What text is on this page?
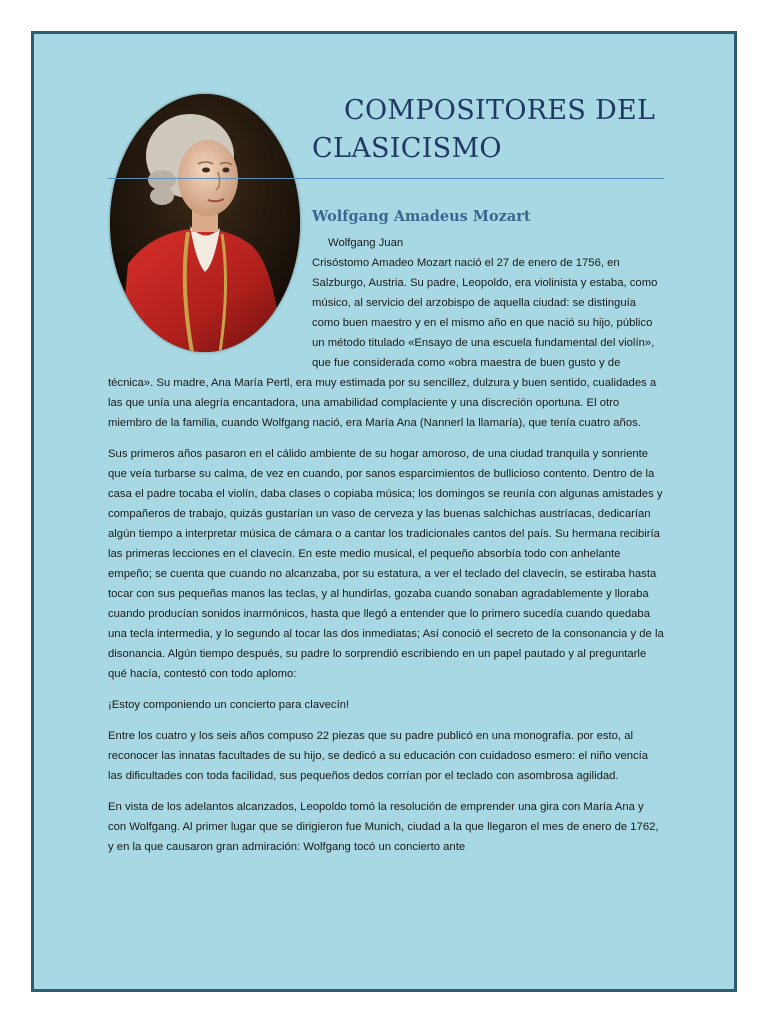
COMPOSITORES DEL
CLASICISMO
Wolfgang Amadeus Mozart

Wolfgang Juan
Crisóstomo Amadeo Mozart nació el 27 de enero de 1756, en Salzburgo, Austria. Su padre, Leopoldo, era violinista y estaba, como músico, al servicio del arzobispo de aquella ciudad: se distinguía como buen maestro y en el mismo año en que nació su hijo, público un método titulado «Ensayo de una escuela fundamental del violín», que fue considerada como «obra maestra de buen gusto y de técnica». Su madre, Ana María Pertl, era muy estimada por su sencillez, dulzura y buen sentido, cualidades a las que unía una alegría encantadora, una amabilidad complaciente y una discreción oportuna. El otro miembro de la familia, cuando Wolfgang nació, era María Ana (Nannerl la llamaría), que tenía cuatro años.

Sus primeros años pasaron en el cálido ambiente de su hogar amoroso, de una ciudad tranquila y sonriente que veía turbarse su calma, de vez en cuando, por sanos esparcimientos de bullicioso contento. Dentro de la casa el padre tocaba el violín, daba clases o copiaba música; los domingos se reunía con algunas amistades y compañeros de trabajo, quizás gustarían un vaso de cerveza y las buenas salchichas austríacas, dedicarían algún tiempo a interpretar música de cámara o a cantar los tradicionales cantos del país. Su hermana recibiría las primeras lecciones en el clavecín. En este medio musical, el pequeño absorbía todo con anhelante empeño; se cuenta que cuando no alcanzaba, por su estatura, a ver el teclado del clavecín, se estiraba hasta tocar con sus pequeñas manos las teclas, y al hundirlas, gozaba cuando sonaban agradablemente y lloraba cuando producían sonidos inarmónicos, hasta que llegó a entender que lo primero sucedía cuando quedaba una tecla intermedia, y lo segundo al tocar las dos inmediatas; Así conoció el secreto de la consonancia y de la disonancia. Algún tiempo después, su padre lo sorprendió escribiendo en un papel pautado y al preguntarle qué hacía, contestó con todo aplomo:

¡Estoy componiendo un concierto para clavecín!

Entre los cuatro y los seis años compuso 22 piezas que su padre publicó en una monografía. por esto, al reconocer las innatas facultades de su hijo, se dedicó a su educación con cuidadoso esmero: el niño vencía las dificultades con toda facilidad, sus pequeños dedos corrían por el teclado con asombrosa agilidad.

En vista de los adelantos alcanzados, Leopoldo tomó la resolución de emprender una gira con María Ana y con Wolfgang. Al primer lugar que se dirigieron fue Munich, ciudad a la que llegaron el mes de enero de 1762, y en la que causaron gran admiración: Wolfgang tocó un concierto ante
